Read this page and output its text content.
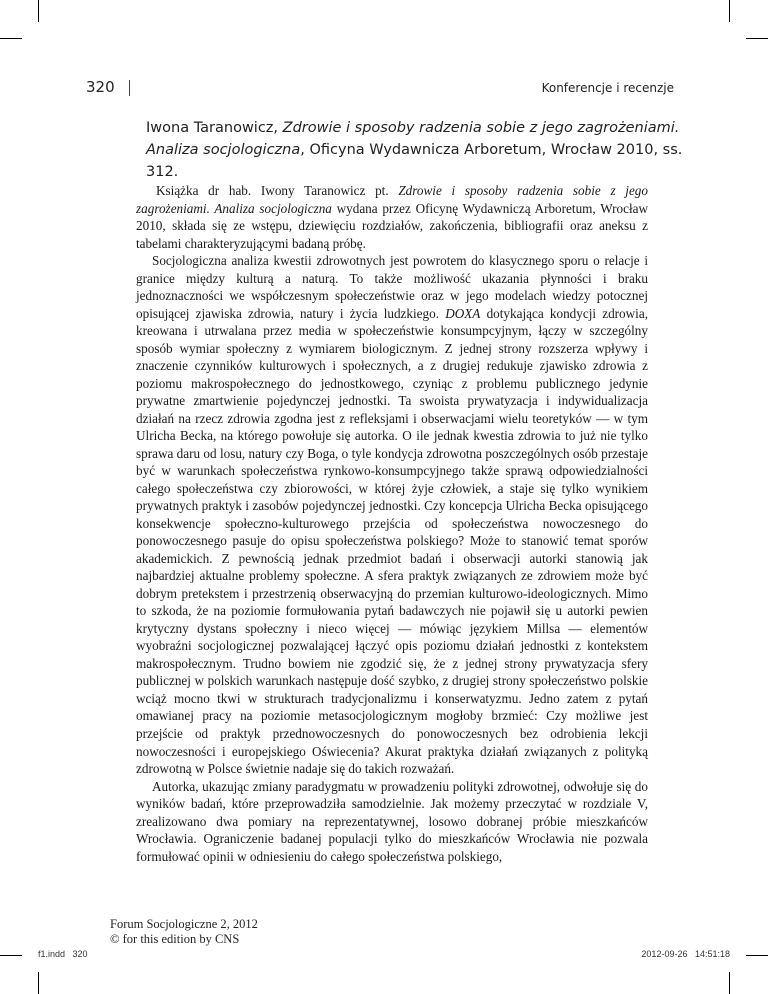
320	Konferencje i recenzje
Iwona Taranowicz, Zdrowie i sposoby radzenia sobie z jego zagrożeniami. Analiza socjologiczna, Oficyna Wydawnicza Arboretum, Wrocław 2010, ss. 312.

Książka dr hab. Iwony Taranowicz pt. Zdrowie i sposoby radzenia sobie z jego zagrożeniami. Analiza socjologiczna wydana przez Oficynę Wydawniczą Arboretum, Wrocław 2010, składa się ze wstępu, dziewięciu rozdziałów, zakończenia, bibliografii oraz aneksu z tabelami charakteryzującymi badaną próbę.

Socjologiczna analiza kwestii zdrowotnych jest powrotem do klasycznego sporu o relacje i granice między kulturą a naturą. To także możliwość ukazania płynności i braku jednoznaczności we współczesnym społeczeństwie oraz w jego modelach wiedzy potocznej opisującej zjawiska zdrowia, natury i życia ludzkiego. DOXA dotykająca kondycji zdrowia, kreowana i utrwalana przez media w społeczeństwie konsumpcyjnym, łączy w szczególny sposób wymiar społeczny z wymiarem biologicznym. Z jednej strony rozszerza wpływy i znaczenie czynników kulturowych i społecznych, a z drugiej redukuje zjawisko zdrowia z poziomu makrospołecznego do jednostkowego, czyniąc z problemu publicznego jedynie prywatne zmartwienie pojedynczej jednostki. Ta swoista prywatyzacja i indywidualizacja działań na rzecz zdrowia zgodna jest z refleksjami i obserwacjami wielu teoretyków — w tym Ulricha Becka, na którego powołuje się autorka. O ile jednak kwestia zdrowia to już nie tylko sprawa daru od losu, natury czy Boga, o tyle kondycja zdrowotna poszczególnych osób przestaje być w warunkach społeczeństwa rynkowo-konsumpcyjnego także sprawą odpowiedzialności całego społeczeństwa czy zbiorowości, w której żyje człowiek, a staje się tylko wynikiem prywatnych praktyk i zasobów pojedynczej jednostki. Czy koncepcja Ulricha Becka opisującego konsekwencje społeczno-kulturowego przejścia od społeczeństwa nowoczesnego do ponowoczesnego pasuje do opisu społeczeństwa polskiego? Może to stanowić temat sporów akademickich. Z pewnością jednak przedmiot badań i obserwacji autorki stanowią jak najbardziej aktualne problemy społeczne. A sfera praktyk związanych ze zdrowiem może być dobrym pretekstem i przestrzenią obserwacyjną do przemian kulturowo-ideologicznych. Mimo to szkoda, że na poziomie formułowania pytań badawczych nie pojawił się u autorki pewien krytyczny dystans społeczny i nieco więcej — mówiąc językiem Millsa — elementów wyobraźni socjologicznej pozwalającej łączyć opis poziomu działań jednostki z kontekstem makrospołecznym. Trudno bowiem nie zgodzić się, że z jednej strony prywatyzacja sfery publicznej w polskich warunkach następuje dość szybko, z drugiej strony społeczeństwo polskie wciąż mocno tkwi w strukturach tradycjonalizmu i konserwatyzmu. Jedno zatem z pytań omawianej pracy na poziomie metasocjologicznym mogłoby brzmieć: Czy możliwe jest przejście od praktyk przednowoczesnych do ponowoczesnych bez odrobienia lekcji nowoczesności i europejskiego Oświecenia? Akurat praktyka działań związanych z polityką zdrowotną w Polsce świetnie nadaje się do takich rozważań.

Autorka, ukazując zmiany paradygmatu w prowadzeniu polityki zdrowotnej, odwołuje się do wyników badań, które przeprowadziła samodzielnie. Jak możemy przeczytać w rozdziale V, zrealizowano dwa pomiary na reprezentatywnej, losowo dobranej próbie mieszkańców Wrocławia. Ograniczenie badanej populacji tylko do mieszkańców Wrocławia nie pozwala formułować opinii w odniesieniu do całego społeczeństwa polskiego,

Forum Socjologiczne 2, 2012
© for this edition by CNS
f1.indd   320	2012-09-26   14:51:18
